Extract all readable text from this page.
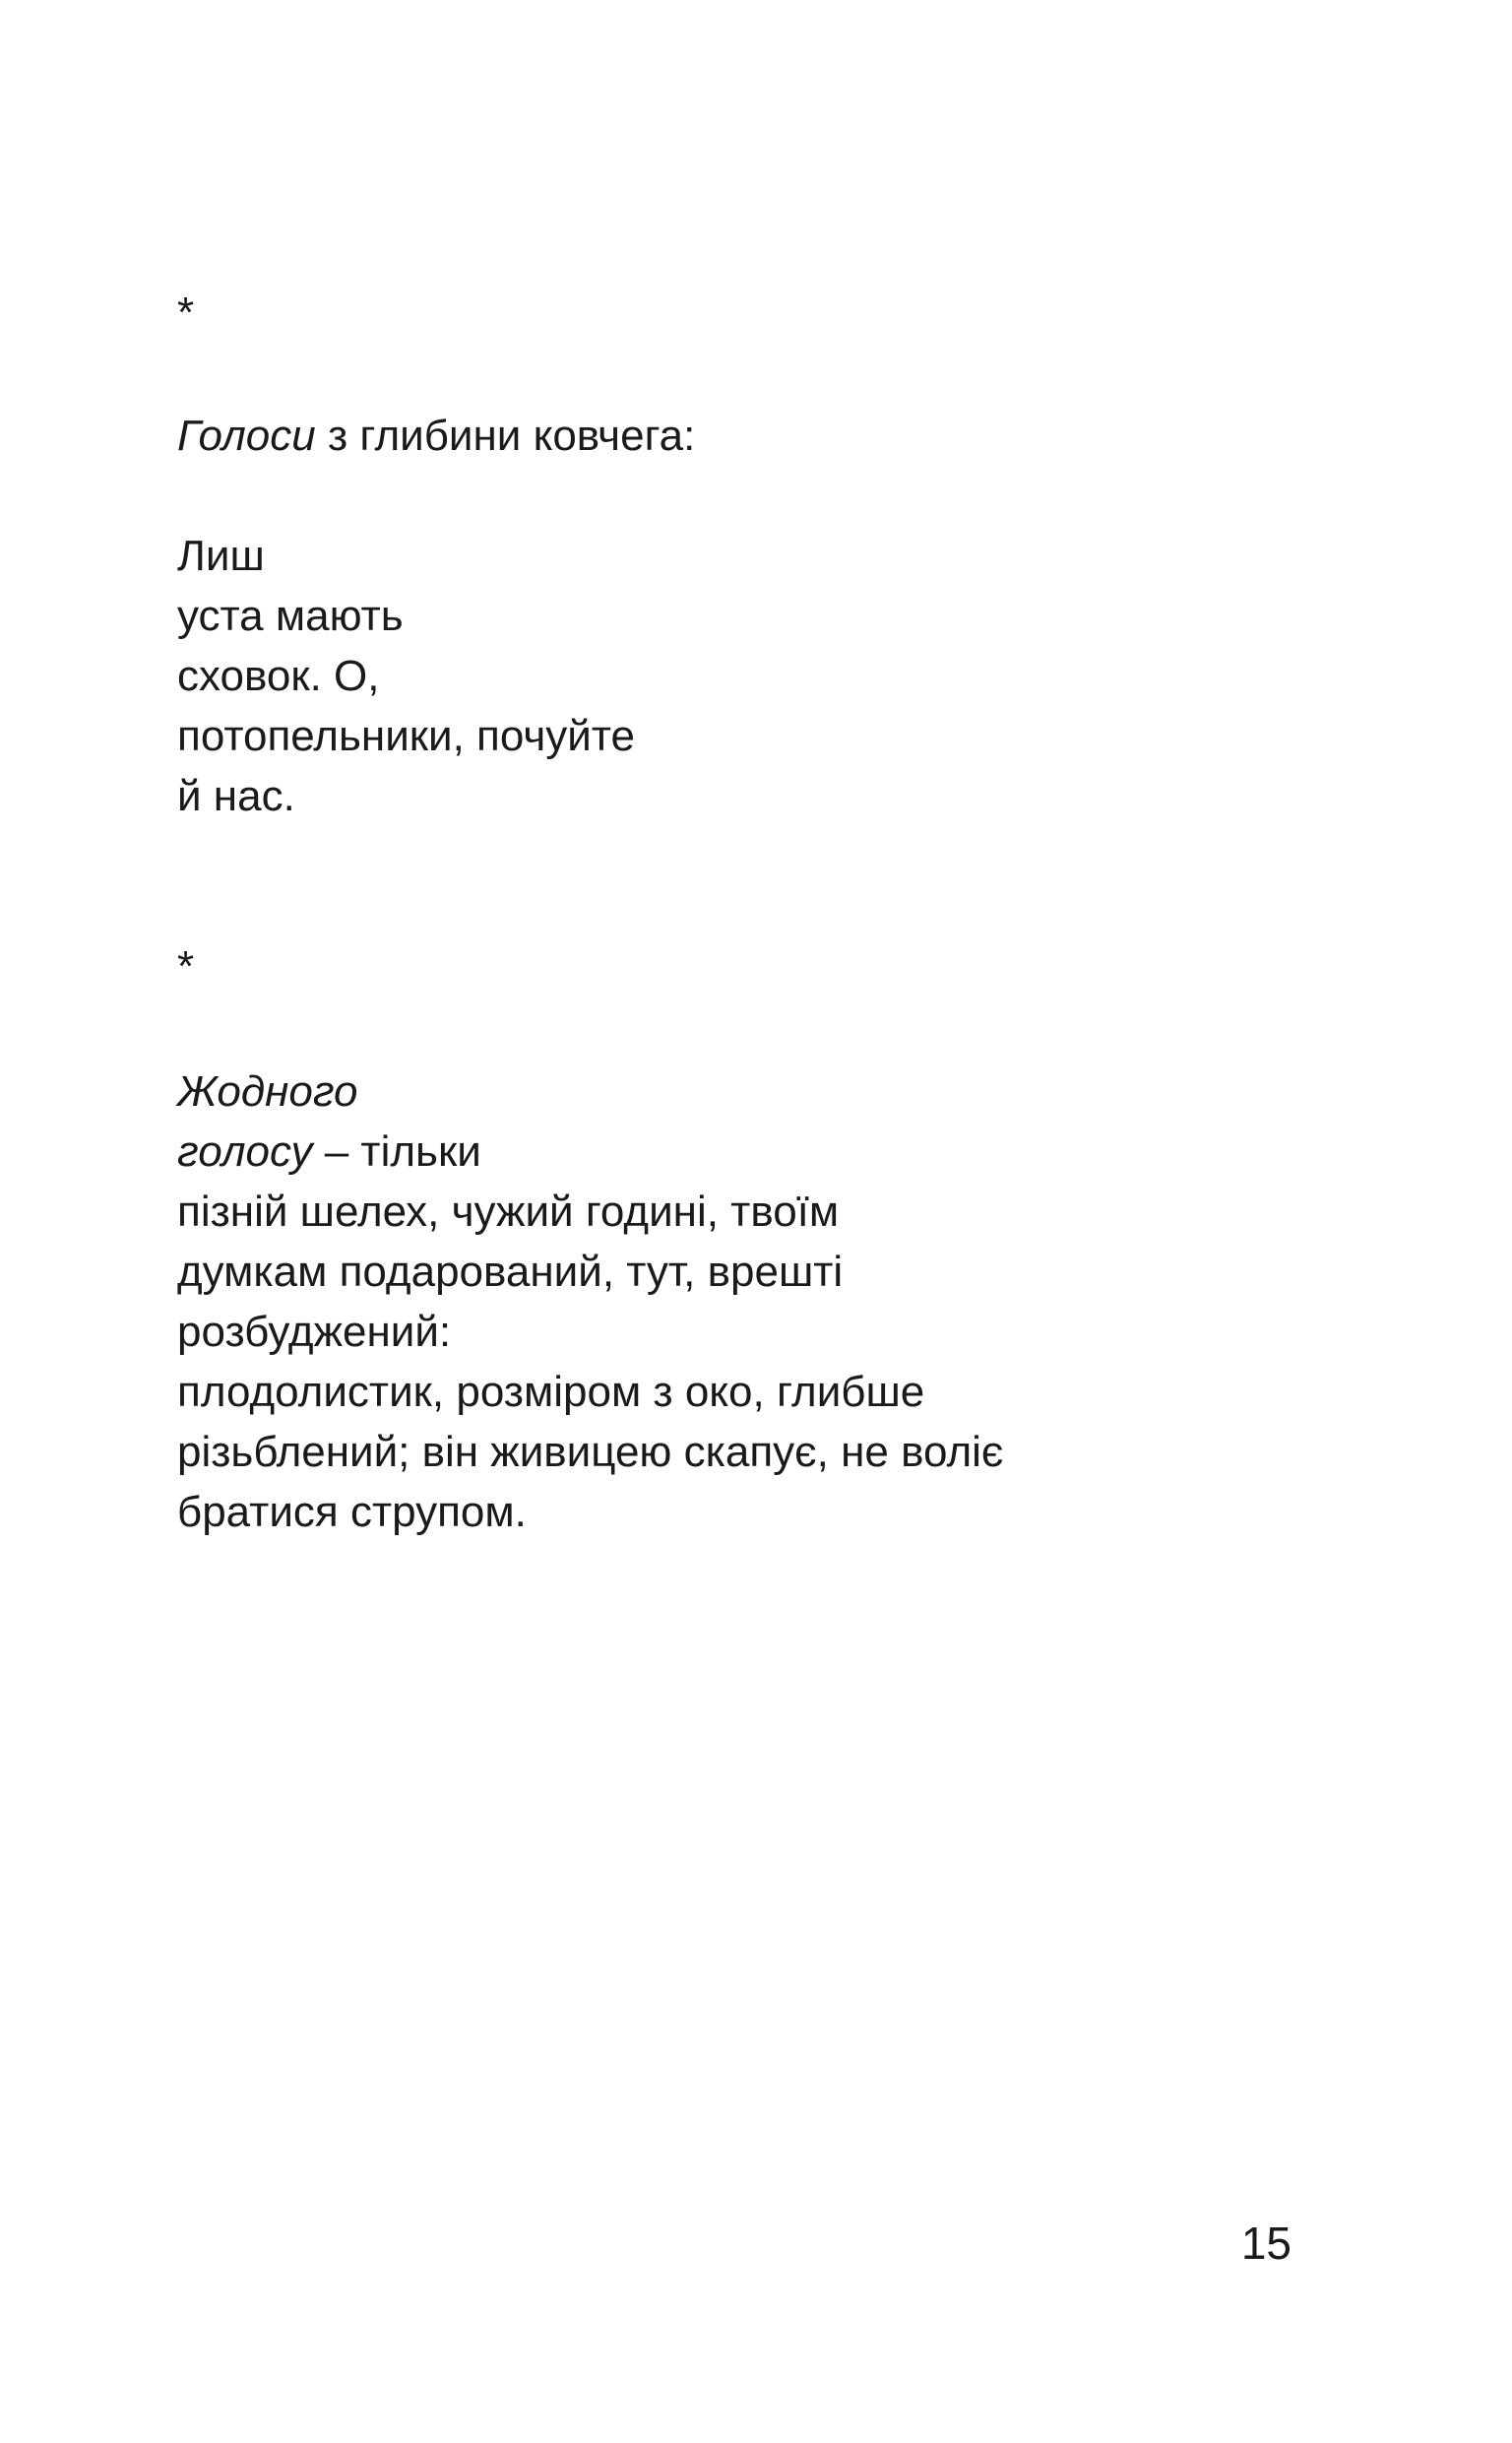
*
Голоси з глибини ковчега:
Лиш
уста мають
сховок. О,
потопельники, почуйте
й нас.
*
Жодного
голосу – тільки
пізній шелех, чужий годині, твоїм
думкам подарований, тут, врешті
розбуджений:
плодолистик, розміром з око, глибше
різьблений; він живицею скапує, не воліє
братися струпом.
15
